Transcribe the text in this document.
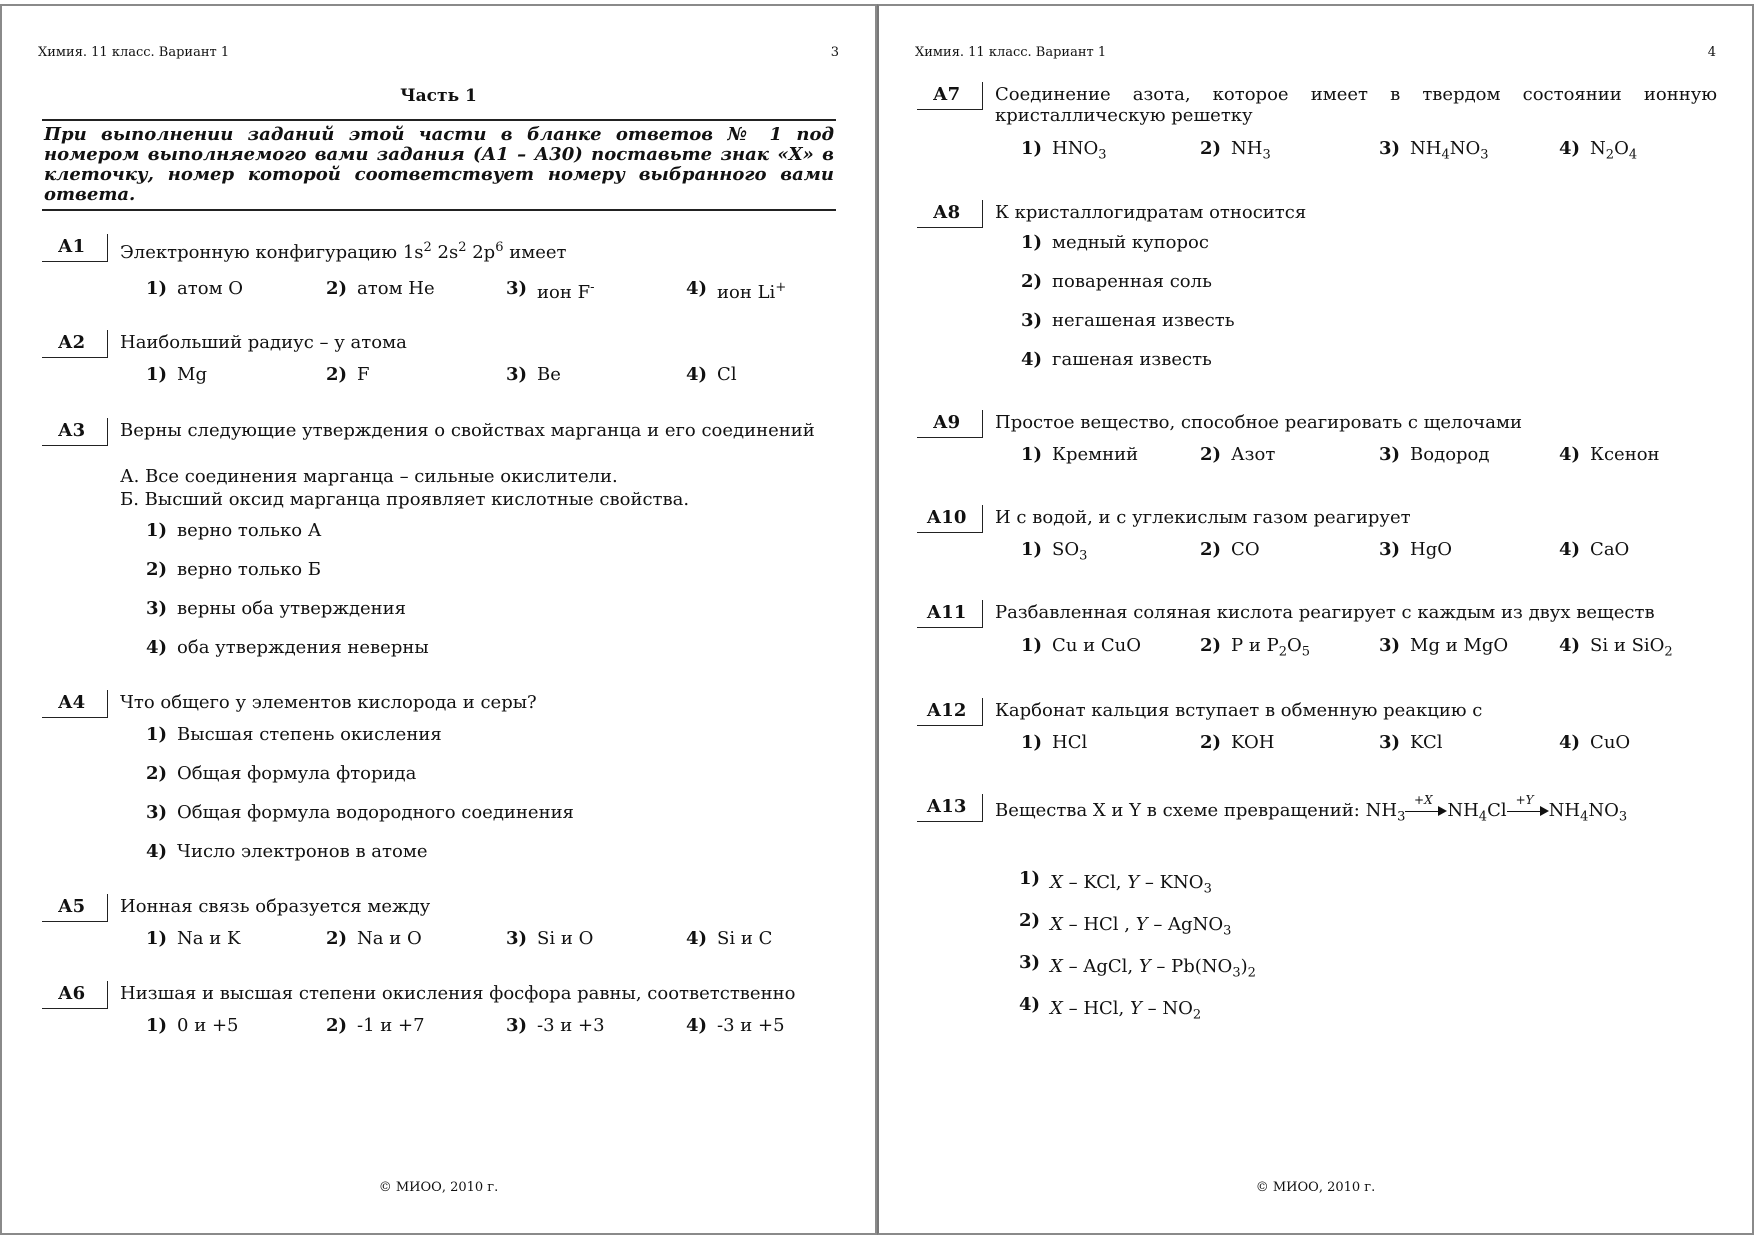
Химия. 11 класс. Вариант 1	3
Часть 1
При выполнении заданий этой части в бланке ответов № 1 под номером выполняемого вами задания (А1 – А30) поставьте знак «Х» в клеточку, номер которой соответствует номеру выбранного вами ответа.
А1	Электронную конфигурацию $1s^2$ $2s^2$ $2p^6$ имеет
1) атом O	2) атом He	3) ион F-	4) ион Li+
А2	Наибольший радиус – у атома
1) Mg	2) F	3) Be	4) Cl
А3	Верны следующие утверждения о свойствах марганца и его соединений
А. Все соединения марганца – сильные окислители.
Б. Высший оксид марганца проявляет кислотные свойства.
1) верно только А
2) верно только Б
3) верны оба утверждения
4) оба утверждения неверны
А4	Что общего у элементов кислорода и серы?
1) Высшая степень окисления
2) Общая формула фторида
3) Общая формула водородного соединения
4) Число электронов в атоме
А5	Ионная связь образуется между
1) Na и K	2) Na и O	3) Si и O	4) Si и C
А6	Низшая и высшая степени окисления фосфора равны, соответственно
1) 0 и +5	2) -1 и +7	3) -3 и +3	4) -3 и +5
© МИОО, 2010 г.
Химия. 11 класс. Вариант 1	4
А7	Соединение азота, которое имеет в твердом состоянии ионную кристаллическую решетку
1) $HNO_3$	2) $NH_3$	3) $NH_4NO_3$	4) $N_2O_4$
А8	К кристаллогидратам относится
1) медный купорос
2) поваренная соль
3) негашеная известь
4) гашеная известь
А9	Простое вещество, способное реагировать с щелочами
1) Кремний	2) Азот	3) Водород	4) Ксенон
А10	И с водой, и с углекислым газом реагирует
1) $SO_3$	2) CO	3) HgO	4) CaO
А11	Разбавленная соляная кислота реагирует с каждым из двух веществ
1) Cu и CuO	2) P и $P_2O_5$	3) Mg и MgO	4) Si и SiO$_2$
А12	Карбонат кальция вступает в обменную реакцию с
1) HCl	2) KOH	3) KCl	4) CuO
А13	Вещества X и Y в схеме превращений: $NH_3$
+X $NH_4Cl +Y$ $NH_4NO_3$
1) X – KCl, Y – $KNO_3$
2) X – HCl , Y – AgNO$_3$
3) X – AgCl, Y – $Pb(NO_3)_2$
4) X – HCl, Y – $NO_2$
© МИОО, 2010 г.
